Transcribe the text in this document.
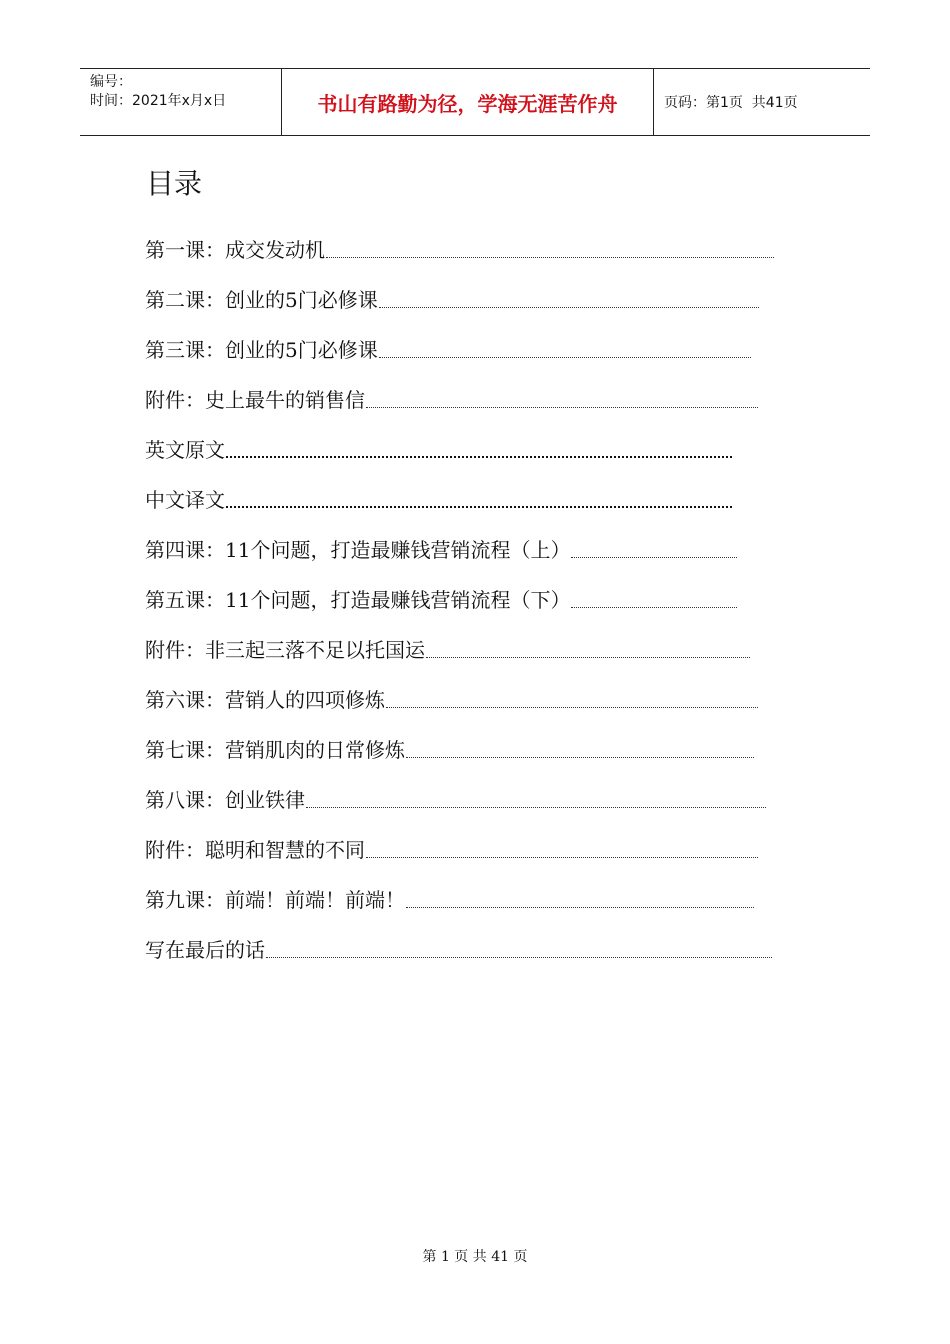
编号：
时间：2021年x月x日	书山有路勤为径，学海无涯苦作舟	页码：第1页  共41页
目录
第一课：成交发动机
第二课：创业的5门必修课
第三课：创业的5门必修课
附件：史上最牛的销售信
英文原文
中文译文
第四课：11个问题，打造最赚钱营销流程（上）
第五课：11个问题，打造最赚钱营销流程（下）
附件：非三起三落不足以托国运
第六课：营销人的四项修炼
第七课：营销肌肉的日常修炼
第八课：创业铁律
附件：聪明和智慧的不同
第九课：前端！前端！前端！
写在最后的话
第 1 页 共 41 页
